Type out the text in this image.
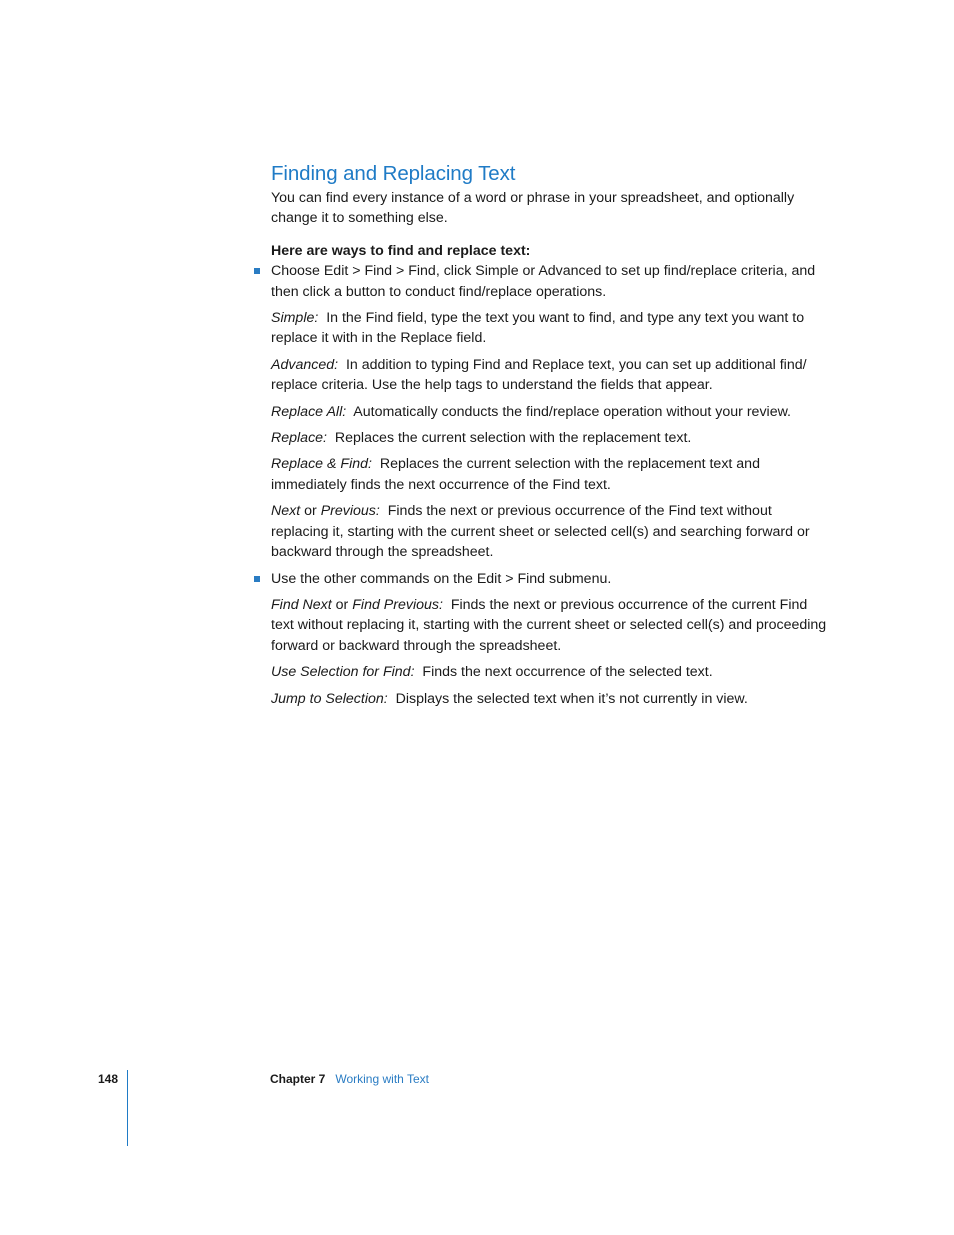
Finding and Replacing Text

You can find every instance of a word or phrase in your spreadsheet, and optionally change it to something else.

Here are ways to find and replace text:

Choose Edit > Find > Find, click Simple or Advanced to set up find/replace criteria, and then click a button to conduct find/replace operations.

Simple: In the Find field, type the text you want to find, and type any text you want to replace it with in the Replace field.

Advanced: In addition to typing Find and Replace text, you can set up additional find/ replace criteria. Use the help tags to understand the fields that appear.

Replace All: Automatically conducts the find/replace operation without your review.

Replace: Replaces the current selection with the replacement text.

Replace & Find: Replaces the current selection with the replacement text and immediately finds the next occurrence of the Find text.

Next or Previous: Finds the next or previous occurrence of the Find text without replacing it, starting with the current sheet or selected cell(s) and searching forward or backward through the spreadsheet.

Use the other commands on the Edit > Find submenu.

Find Next or Find Previous: Finds the next or previous occurrence of the current Find text without replacing it, starting with the current sheet or selected cell(s) and proceeding forward or backward through the spreadsheet.

Use Selection for Find: Finds the next occurrence of the selected text.

Jump to Selection: Displays the selected text when it’s not currently in view.

148	Chapter 7 Working with Text
